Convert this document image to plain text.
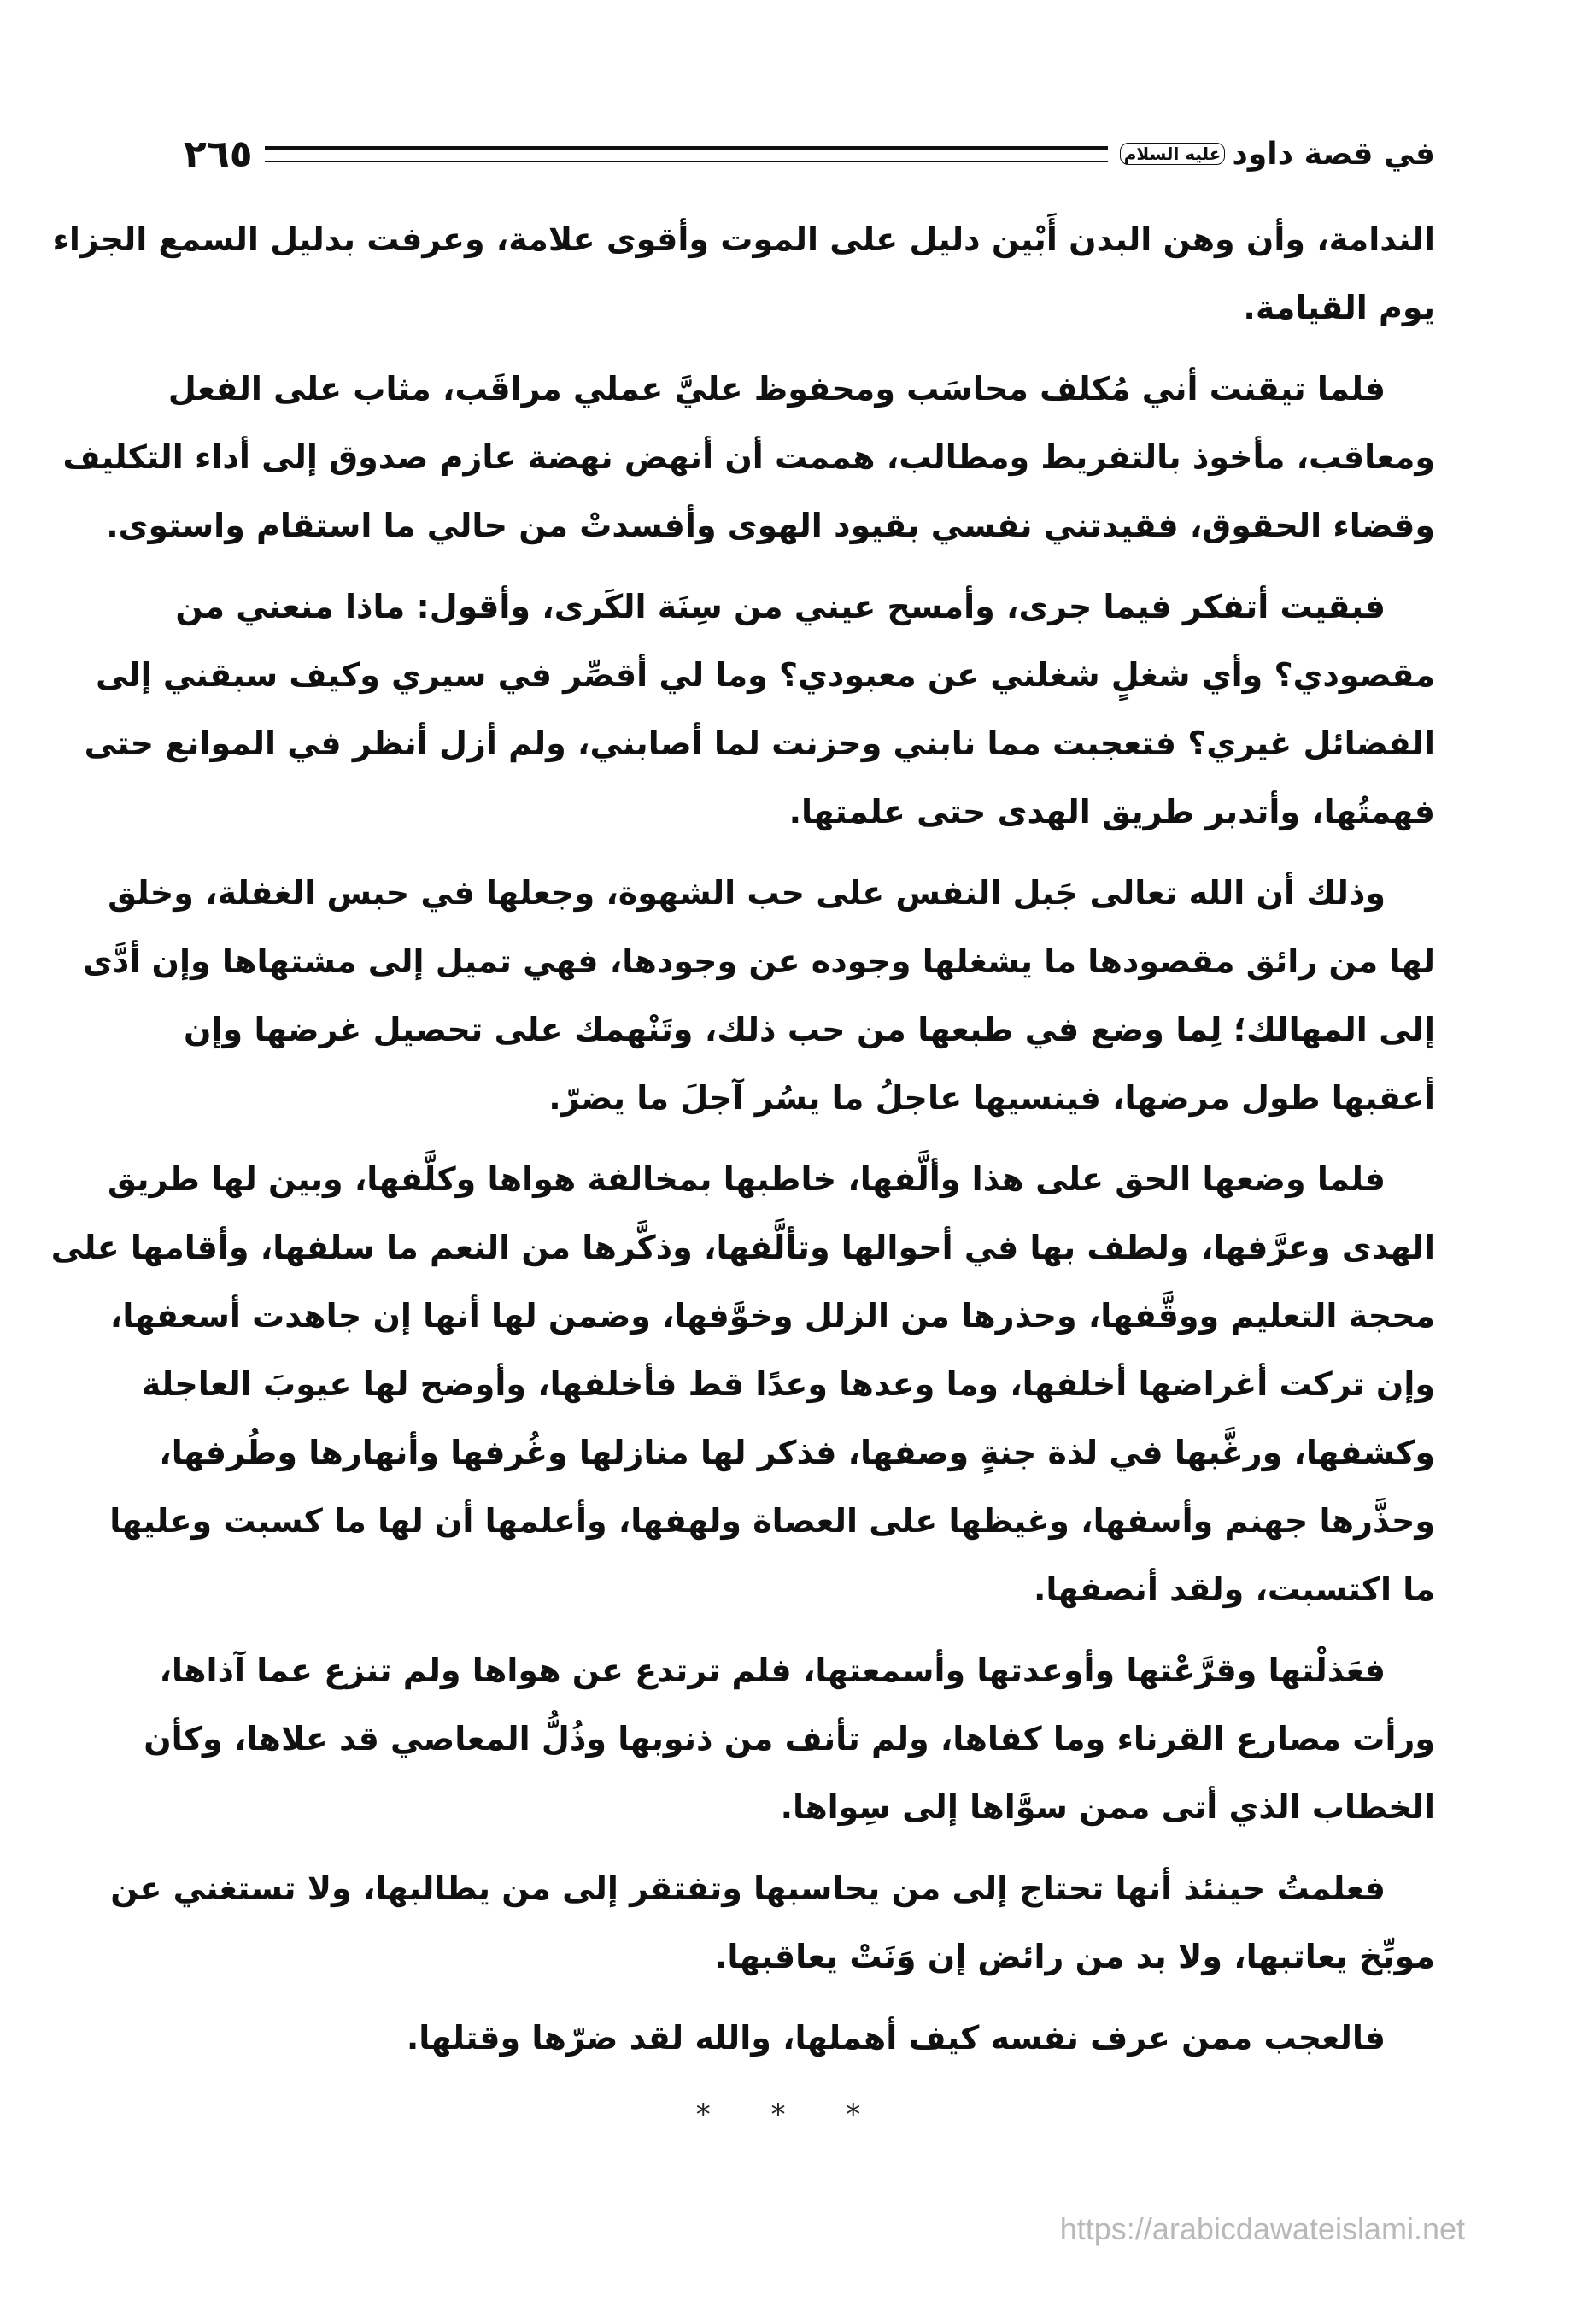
في قصة داود
عليه السلام
٢٦٥
الندامة، وأن وهن البدن أَبْين دليل على الموت وأقوى علامة، وعرفت بدليل السمع الجزاء
يوم القيامة.
فلما تيقنت أني مُكلف محاسَب ومحفوظ عليَّ عملي مراقَب، مثاب على الفعل
ومعاقب، مأخوذ بالتفريط ومطالب، هممت أن أنهض نهضة عازم صدوق إلى أداء التكليف
وقضاء الحقوق، فقيدتني نفسي بقيود الهوى وأفسدتْ من حالي ما استقام واستوى.
فبقيت أتفكر فيما جرى، وأمسح عيني من سِنَة الكَرى، وأقول: ماذا منعني من
مقصودي؟ وأي شغلٍ شغلني عن معبودي؟ وما لي أقصِّر في سيري وكيف سبقني إلى
الفضائل غيري؟ فتعجبت مما نابني وحزنت لما أصابني، ولم أزل أنظر في الموانع حتى
فهمتُها، وأتدبر طريق الهدى حتى علمتها.
وذلك أن الله تعالى جَبل النفس على حب الشهوة، وجعلها في حبس الغفلة، وخلق
لها من رائق مقصودها ما يشغلها وجوده عن وجودها، فهي تميل إلى مشتهاها وإن أدَّى
إلى المهالك؛ لِما وضع في طبعها من حب ذلك، وتَنْهمك على تحصيل غرضها وإن
أعقبها طول مرضها، فينسيها عاجلُ ما يسُر آجلَ ما يضرّ.
فلما وضعها الحق على هذا وألَّفها، خاطبها بمخالفة هواها وكلَّفها، وبين لها طريق
الهدى وعرَّفها، ولطف بها في أحوالها وتألَّفها، وذكَّرها من النعم ما سلفها، وأقامها على
محجة التعليم ووقَّفها، وحذرها من الزلل وخوَّفها، وضمن لها أنها إن جاهدت أسعفها،
وإن تركت أغراضها أخلفها، وما وعدها وعدًا قط فأخلفها، وأوضح لها عيوبَ العاجلة
وكشفها، ورغَّبها في لذة جنةٍ وصفها، فذكر لها منازلها وغُرفها وأنهارها وطُرفها،
وحذَّرها جهنم وأسفها، وغيظها على العصاة ولهفها، وأعلمها أن لها ما كسبت وعليها
ما اكتسبت، ولقد أنصفها.
فعَذلْتها وقرَّعْتها وأوعدتها وأسمعتها، فلم ترتدع عن هواها ولم تنزع عما آذاها،
ورأت مصارع القرناء وما كفاها، ولم تأنف من ذنوبها وذُلُّ المعاصي قد علاها، وكأن
الخطاب الذي أتى ممن سوَّاها إلى سِواها.
فعلمتُ حينئذ أنها تحتاج إلى من يحاسبها وتفتقر إلى من يطالبها، ولا تستغني عن
موبِّخ يعاتبها، ولا بد من رائض إن وَنَتْ يعاقبها.
فالعجب ممن عرف نفسه كيف أهملها، والله لقد ضرّها وقتلها.
* * *
https://arabicdawateislami.net
